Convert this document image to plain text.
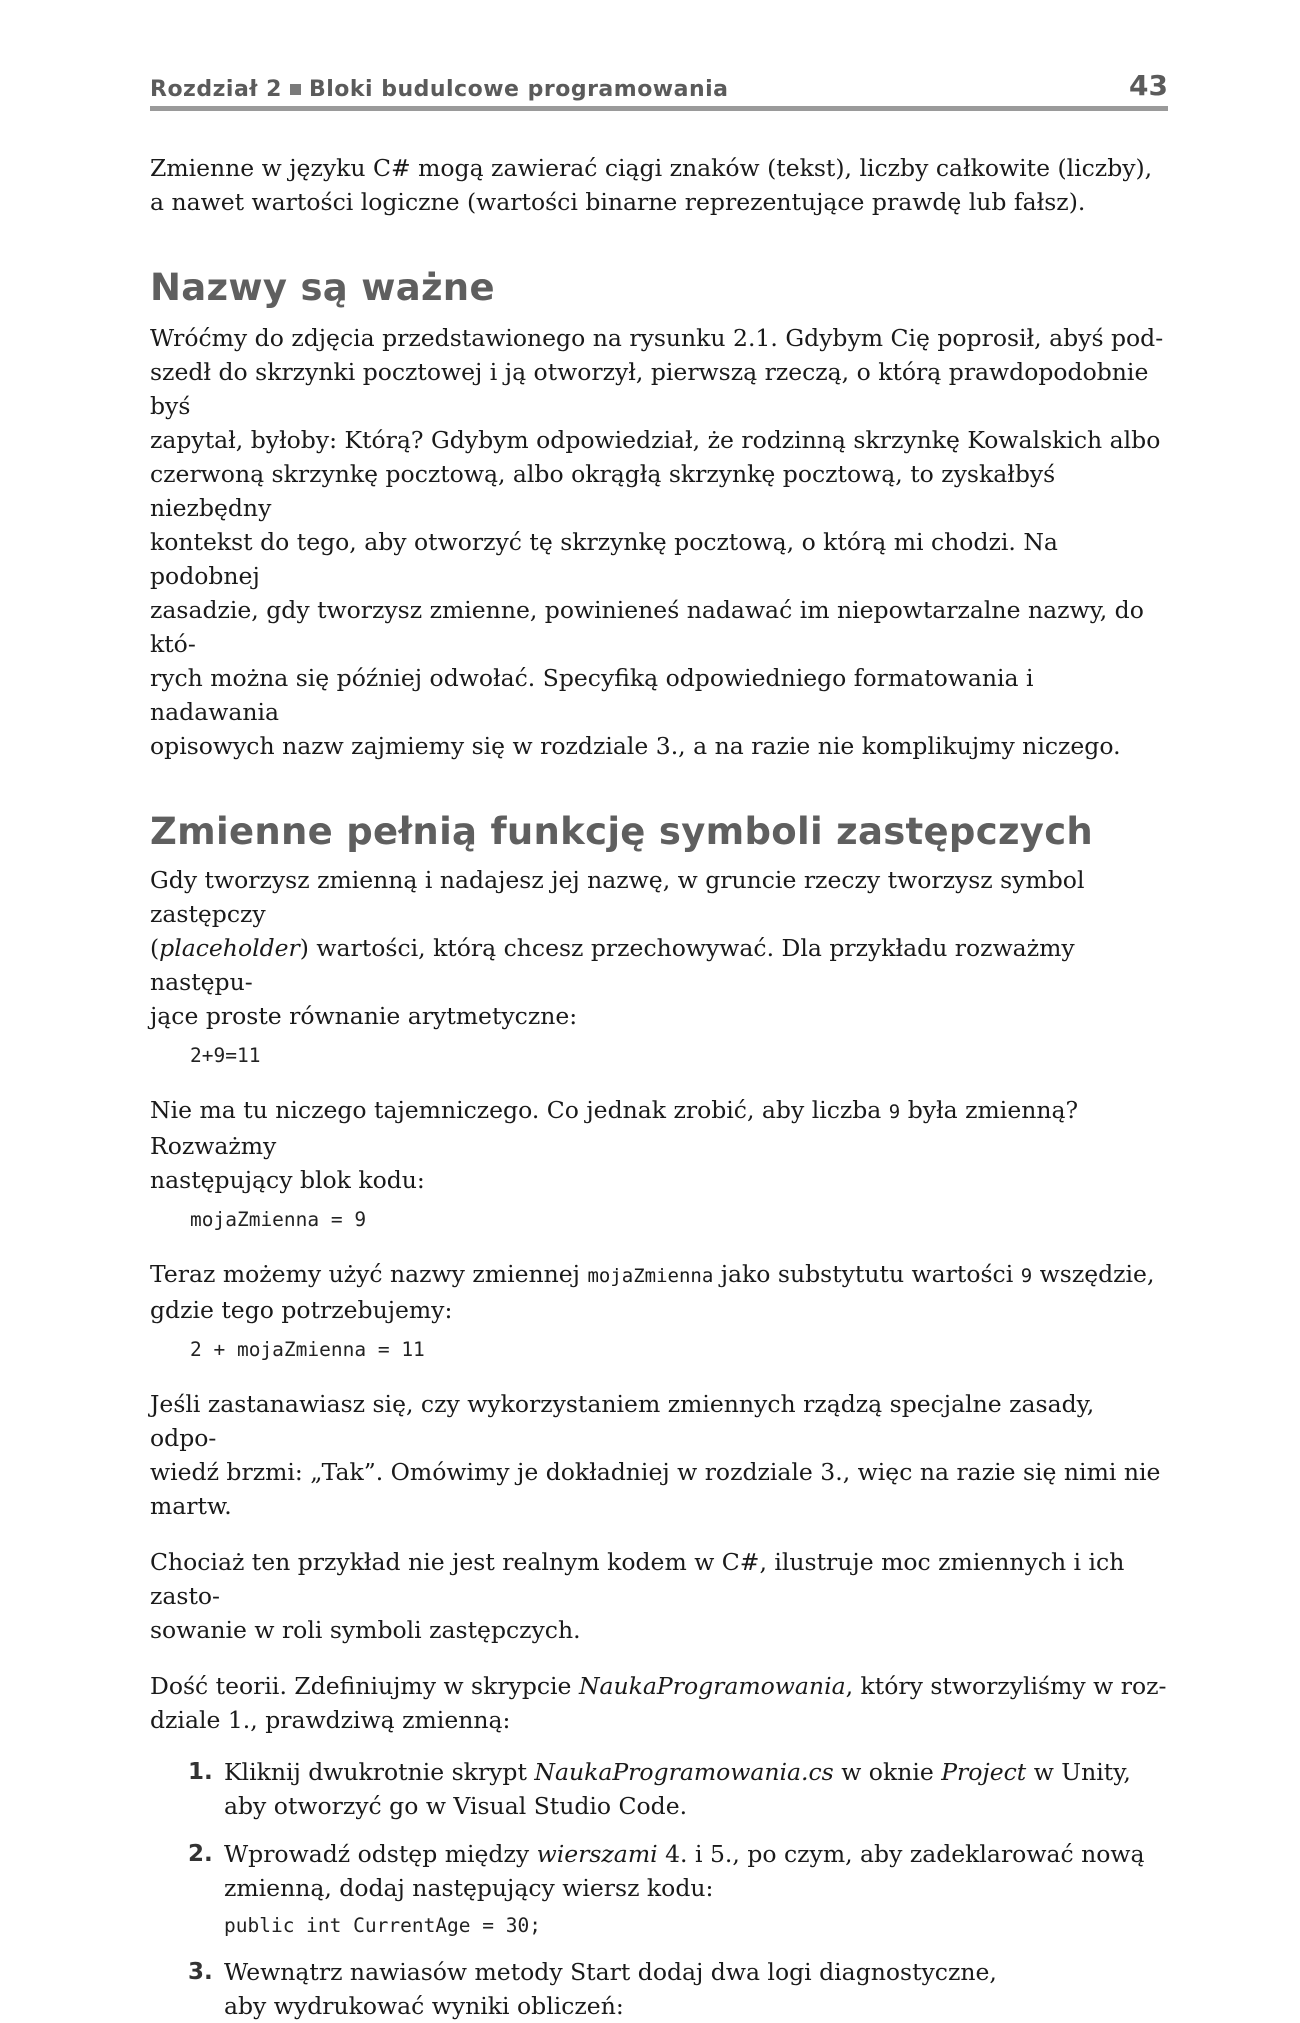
Rozdział 2 Bloki budulcowe programowania	43

Zmienne w języku C# mogą zawierać ciągi znaków (tekst), liczby całkowite (liczby),
a nawet wartości logiczne (wartości binarne reprezentujące prawdę lub fałsz).

Nazwy są ważne

Wróćmy do zdjęcia przedstawionego na rysunku 2.1. Gdybym Cię poprosił, abyś pod-
szedł do skrzynki pocztowej i ją otworzył, pierwszą rzeczą, o którą prawdopodobnie byś
zapytał, byłoby: Którą? Gdybym odpowiedział, że rodzinną skrzynkę Kowalskich albo
czerwoną skrzynkę pocztową, albo okrągłą skrzynkę pocztową, to zyskałbyś niezbędny
kontekst do tego, aby otworzyć tę skrzynkę pocztową, o którą mi chodzi. Na podobnej
zasadzie, gdy tworzysz zmienne, powinieneś nadawać im niepowtarzalne nazwy, do któ-
rych można się później odwołać. Specyfiką odpowiedniego formatowania i nadawania
opisowych nazw zajmiemy się w rozdziale 3., a na razie nie komplikujmy niczego.

Zmienne pełnią funkcję symboli zastępczych

Gdy tworzysz zmienną i nadajesz jej nazwę, w gruncie rzeczy tworzysz symbol zastępczy
(placeholder) wartości, którą chcesz przechowywać. Dla przykładu rozważmy następu-
jące proste równanie arytmetyczne:

2+9=11

Nie ma tu niczego tajemniczego. Co jednak zrobić, aby liczba 9 była zmienną? Rozważmy
następujący blok kodu:

mojaZmienna = 9

Teraz możemy użyć nazwy zmiennej mojaZmienna jako substytutu wartości 9 wszędzie,
gdzie tego potrzebujemy:

2 + mojaZmienna = 11

Jeśli zastanawiasz się, czy wykorzystaniem zmiennych rządzą specjalne zasady, odpo-
wiedź brzmi: „Tak”. Omówimy je dokładniej w rozdziale 3., więc na razie się nimi nie
martw.

Chociaż ten przykład nie jest realnym kodem w C#, ilustruje moc zmiennych i ich zasto-
sowanie w roli symboli zastępczych.

Dość teorii. Zdefiniujmy w skrypcie NaukaProgramowania, który stworzyliśmy w roz-
dziale 1., prawdziwą zmienną:

1. Kliknij dwukrotnie skrypt NaukaProgramowania.cs w oknie Project w Unity,
aby otworzyć go w Visual Studio Code.
2. Wprowadź odstęp między wierszami 4. i 5., po czym, aby zadeklarować nową
zmienną, dodaj następujący wiersz kodu:
public int CurrentAge = 30;
3. Wewnątrz nawiasów metody Start dodaj dwa logi diagnostyczne,
aby wydrukować wyniki obliczeń:
